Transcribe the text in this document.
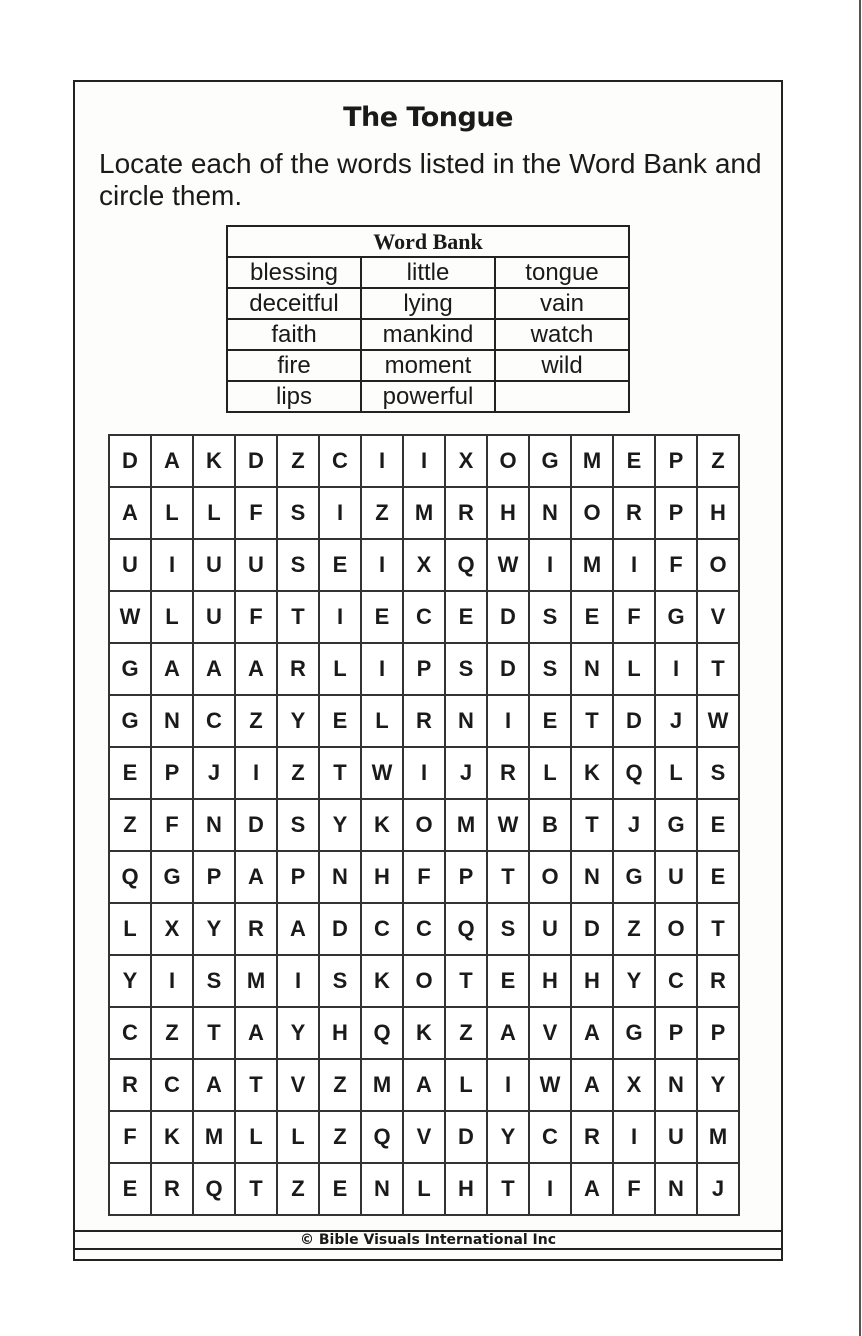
The Tongue
Locate each of the words listed in the Word Bank and circle them.
Word Bank		
blessing	little	tongue
deceitful	lying	vain
faith	mankind	watch
fire	moment	wild
lips	powerful	
D	A	K	D	Z	C	I	I	X	O	G	M	E	P	Z
A	L	L	F	S	I	Z	M	R	H	N	O	R	P	H
U	I	U	U	S	E	I	X	Q	W	I	M	I	F	O
W	L	U	F	T	I	E	C	E	D	S	E	F	G	V
G	A	A	A	R	L	I	P	S	D	S	N	L	I	T
G	N	C	Z	Y	E	L	R	N	I	E	T	D	J	W
E	P	J	I	Z	T	W	I	J	R	L	K	Q	L	S
Z	F	N	D	S	Y	K	O	M	W	B	T	J	G	E
Q	G	P	A	P	N	H	F	P	T	O	N	G	U	E
L	X	Y	R	A	D	C	C	Q	S	U	D	Z	O	T
Y	I	S	M	I	S	K	O	T	E	H	H	Y	C	R
C	Z	T	A	Y	H	Q	K	Z	A	V	A	G	P	P
R	C	A	T	V	Z	M	A	L	I	W	A	X	N	Y
F	K	M	L	L	Z	Q	V	D	Y	C	R	I	U	M
E	R	Q	T	Z	E	N	L	H	T	I	A	F	N	J
© Bible Visuals International Inc
